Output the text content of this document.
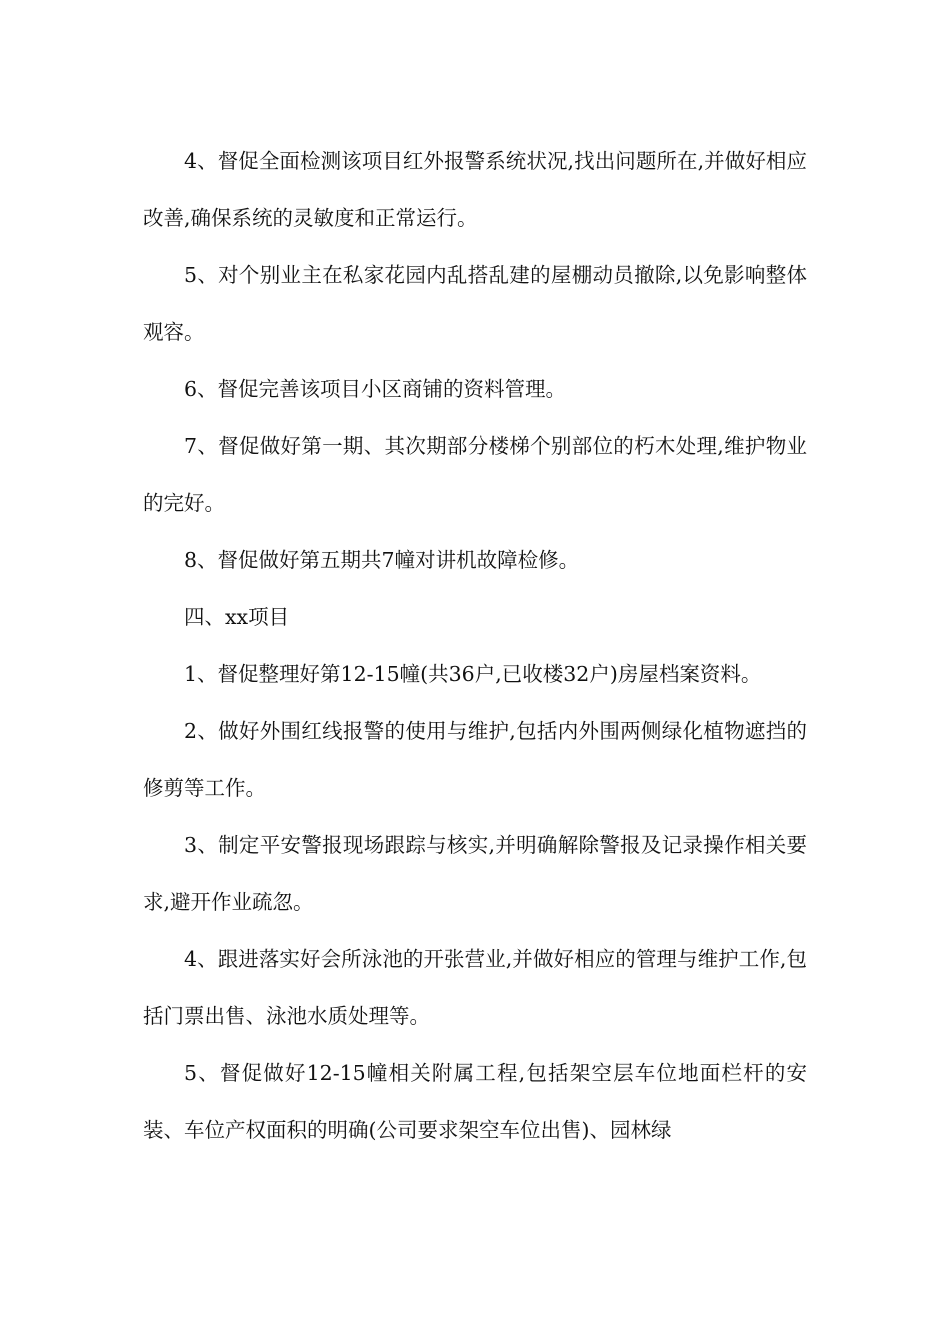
4、督促全面检测该项目红外报警系统状况,找出问题所在,并做好相应改善,确保系统的灵敏度和正常运行。

5、对个别业主在私家花园内乱搭乱建的屋棚动员撤除,以免影响整体观容。

6、督促完善该项目小区商铺的资料管理。

7、督促做好第一期、其次期部分楼梯个别部位的朽木处理,维护物业的完好。

8、督促做好第五期共7幢对讲机故障检修。

四、xx项目

1、督促整理好第12-15幢(共36户,已收楼32户)房屋档案资料。

2、做好外围红线报警的使用与维护,包括内外围两侧绿化植物遮挡的修剪等工作。

3、制定平安警报现场跟踪与核实,并明确解除警报及记录操作相关要求,避开作业疏忽。

4、跟进落实好会所泳池的开张营业,并做好相应的管理与维护工作,包括门票出售、泳池水质处理等。

5、督促做好12-15幢相关附属工程,包括架空层车位地面栏杆的安装、车位产权面积的明确(公司要求架空车位出售)、园林绿
